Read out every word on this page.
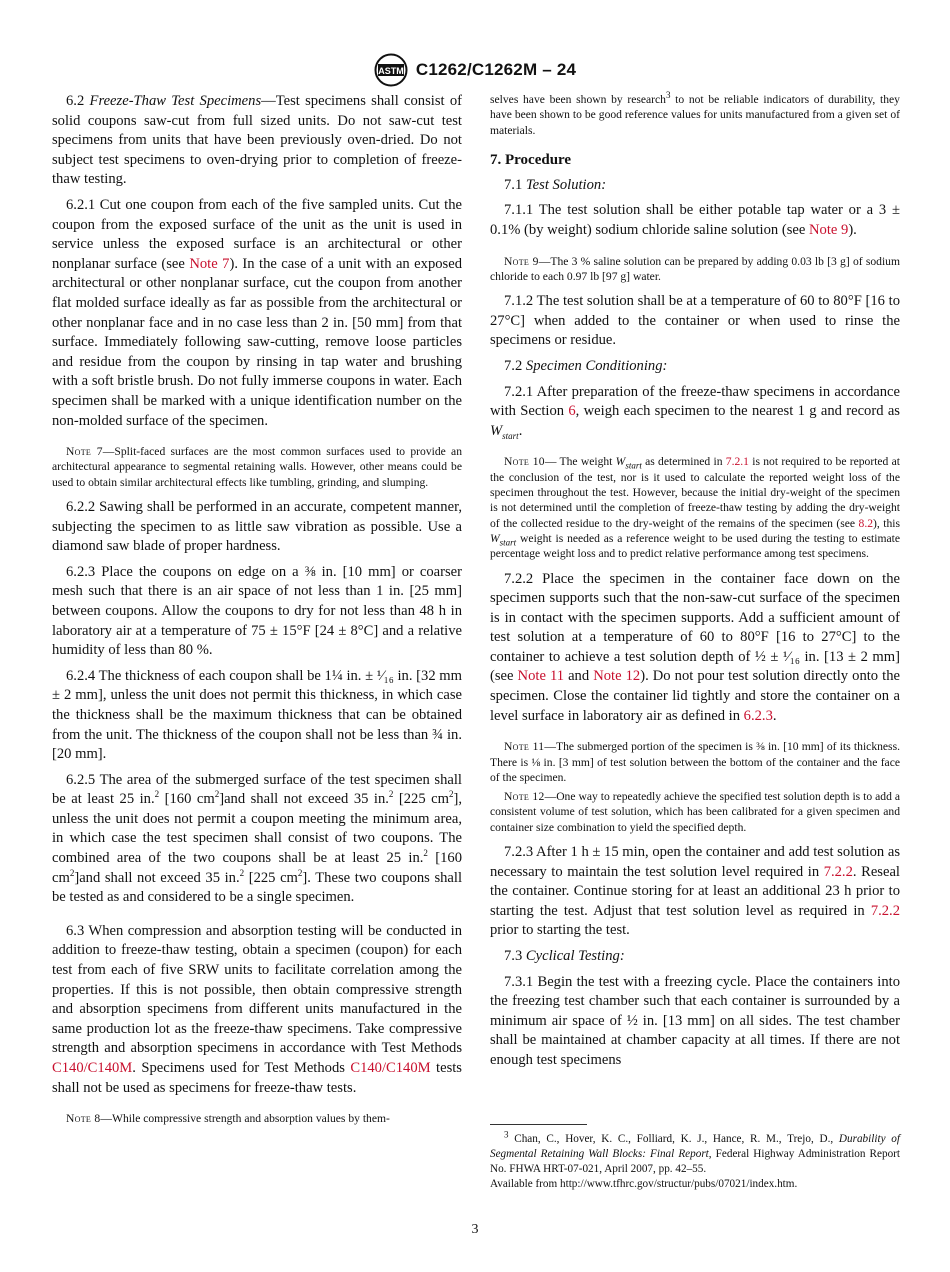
ASTM C1262/C1262M – 24

6.2 Freeze-Thaw Test Specimens—Test specimens shall consist of solid coupons saw-cut from full sized units. Do not saw-cut test specimens from units that have been previously oven-dried. Do not subject test specimens to oven-drying prior to completion of freeze-thaw testing.

6.2.1 Cut one coupon from each of the five sampled units. Cut the coupon from the exposed surface of the unit as the unit is used in service unless the exposed surface is an architectural or other nonplanar surface (see Note 7). In the case of a unit with an exposed architectural or other nonplanar surface, cut the coupon from another flat molded surface ideally as far as possible from the architectural or other nonplanar face and in no case less than 2 in. [50 mm] from that surface. Immediately following saw-cutting, remove loose particles and residue from the coupon by rinsing in tap water and brushing with a soft bristle brush. Do not fully immerse coupons in water. Each specimen shall be marked with a unique identification number on the non-molded surface of the specimen.

Note 7—Split-faced surfaces are the most common surfaces used to provide an architectural appearance to segmental retaining walls. However, other means could be used to obtain similar architectural effects like tumbling, grinding, and slumping.

6.2.2 Sawing shall be performed in an accurate, competent manner, subjecting the specimen to as little saw vibration as possible. Use a diamond saw blade of proper hardness.

6.2.3 Place the coupons on edge on a ⅜ in. [10 mm] or coarser mesh such that there is an air space of not less than 1 in. [25 mm] between coupons. Allow the coupons to dry for not less than 48 h in laboratory air at a temperature of 75 ± 15°F [24 ± 8°C] and a relative humidity of less than 80 %.

6.2.4 The thickness of each coupon shall be 1¼ in. ± ¹⁄₁₆ in. [32 mm ± 2 mm], unless the unit does not permit this thickness, in which case the thickness shall be the maximum thickness that can be obtained from the unit. The thickness of the coupon shall not be less than ¾ in. [20 mm].

6.2.5 The area of the submerged surface of the test specimen shall be at least 25 in.$^2$ [160 $cm^2]and$ shall not exceed 35 in.$^2$ [225 $cm^2$], unless the unit does not permit a coupon meeting the minimum area, in which case the test specimen shall consist of two coupons. The combined area of the two coupons shall be at least 25 in.$^2$ [160 $cm^2]and$ shall not exceed 35 in.$^2$ [225 $cm^2$]. These two coupons shall be tested as and considered to be a single specimen.

6.3 When compression and absorption testing will be conducted in addition to freeze-thaw testing, obtain a specimen (coupon) for each test from each of five SRW units to facilitate correlation among the properties. If this is not possible, then obtain compressive strength and absorption specimens from different units manufactured in the same production lot as the freeze-thaw specimens. Take compressive strength and absorption specimens in accordance with Test Methods C140/C140M. Specimens used for Test Methods C140/C140M tests shall not be used as specimens for freeze-thaw tests.

Note 8—While compressive strength and absorption values by them-

selves have been shown by research$^3$ to not be reliable indicators of durability, they have been shown to be good reference values for units manufactured from a given set of materials.

7. Procedure

7.1 Test Solution:

7.1.1 The test solution shall be either potable tap water or a 3 ± 0.1% (by weight) sodium chloride saline solution (see Note 9).

Note 9—The 3 % saline solution can be prepared by adding 0.03 lb [3 g] of sodium chloride to each 0.97 lb [97 g] water.

7.1.2 The test solution shall be at a temperature of 60 to 80°F [16 to 27°C] when added to the container or when used to rinse the specimens or residue.

7.2 Specimen Conditioning:

7.2.1 After preparation of the freeze-thaw specimens in accordance with Section 6, weigh each specimen to the nearest 1 g and record as $W_{start}$.

Note 10— The weight $W_{start}$ as determined in 7.2.1 is not required to be reported at the conclusion of the test, nor is it used to calculate the reported weight loss of the specimen throughout the test. However, because the initial dry-weight of the specimen is not determined until the completion of freeze-thaw testing by adding the dry-weight of the collected residue to the dry-weight of the remains of the specimen (see 8.2), this $W_{start}$ weight is needed as a reference weight to be used during the testing to estimate percentage weight loss and to predict relative performance among test specimens.

7.2.2 Place the specimen in the container face down on the specimen supports such that the non-saw-cut surface of the specimen is in contact with the specimen supports. Add a sufficient amount of test solution at a temperature of 60 to 80°F [16 to 27°C] to the container to achieve a test solution depth of ½ ± ¹⁄₁₆ in. [13 ± 2 mm] (see Note 11 and Note 12). Do not pour test solution directly onto the specimen. Close the container lid tightly and store the container on a level surface in laboratory air as defined in 6.2.3.

Note 11—The submerged portion of the specimen is ⅜ in. [10 mm] of its thickness. There is ⅛ in. [3 mm] of test solution between the bottom of the container and the face of the specimen.

Note 12—One way to repeatedly achieve the specified test solution depth is to add a consistent volume of test solution, which has been calibrated for a given specimen and container size combination to yield the specified depth.

7.2.3 After 1 h ± 15 min, open the container and add test solution as necessary to maintain the test solution level required in 7.2.2. Reseal the container. Continue storing for at least an additional 23 h prior to starting the test. Adjust that test solution level as required in 7.2.2 prior to starting the test.

7.3 Cyclical Testing:

7.3.1 Begin the test with a freezing cycle. Place the containers into the freezing test chamber such that each container is surrounded by a minimum air space of ½ in. [13 mm] on all sides. The test chamber shall be maintained at chamber capacity at all times. If there are not enough test specimens

$^3$ Chan, C., Hover, K. C., Folliard, K. J., Hance, R. M., Trejo, D., Durability of Segmental Retaining Wall Blocks: Final Report, Federal Highway Administration Report No. FHWA HRT-07-021, April 2007, pp. 42–55.

Available from http://www.tfhrc.gov/structur/pubs/07021/index.htm.

3
